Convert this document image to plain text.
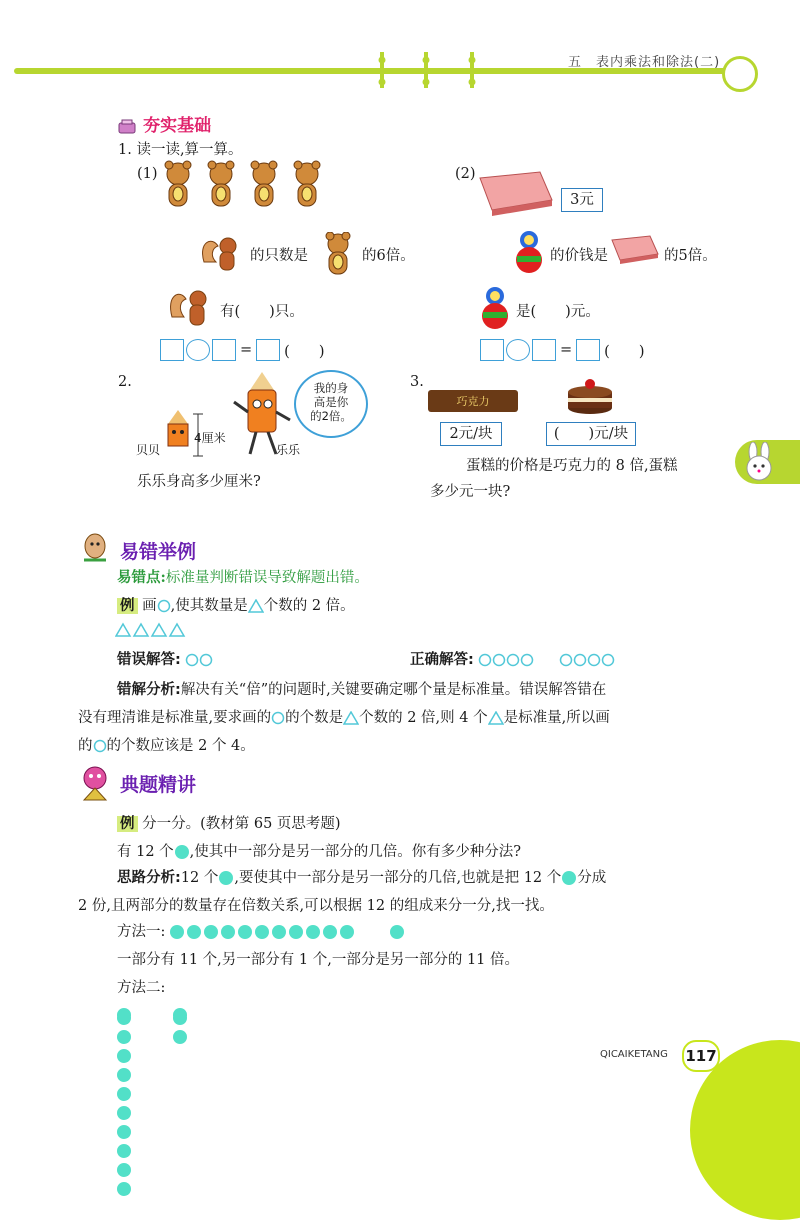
五　表内乘法和除法(二)
夯实基础
1. 读一读,算一算。
(1)
的只数是	的6倍。
有(　　)只。
= (　　)
(2)
3元
的价钱是	的5倍。
是(　　)元。
= (　　)
2.
4厘米
贝贝	乐乐
我的身高是你的2倍。
乐乐身高多少厘米?
3.
巧克力
2元/块	(　　)元/块
蛋糕的价格是巧克力的 8 倍,蛋糕
多少元一块?
易错举例
易错点:标准量判断错误导致解题出错。
例 画 ,使其数量是 个数的 2 倍。
错误解答:	正确解答:
错解分析:解决有关“倍”的问题时,关键要确定哪个量是标准量。错误解答错在
没有理清谁是标准量,要求画的 的个数是 个数的 2 倍,则 4 个 是标准量,所以画
的 的个数应该是 2 个 4。
典题精讲
例 分一分。(教材第 65 页思考题)
有 12 个 ,使其中一部分是另一部分的几倍。你有多少种分法?
思路分析:12 个 ,要使其中一部分是另一部分的几倍,也就是把 12 个 分成
2 份,且两部分的数量存在倍数关系,可以根据 12 的组成来分一分,找一找。
方法一:
一部分有 11 个,另一部分有 1 个,一部分是另一部分的 11 倍。
方法二:

QICAIKETANG 117
